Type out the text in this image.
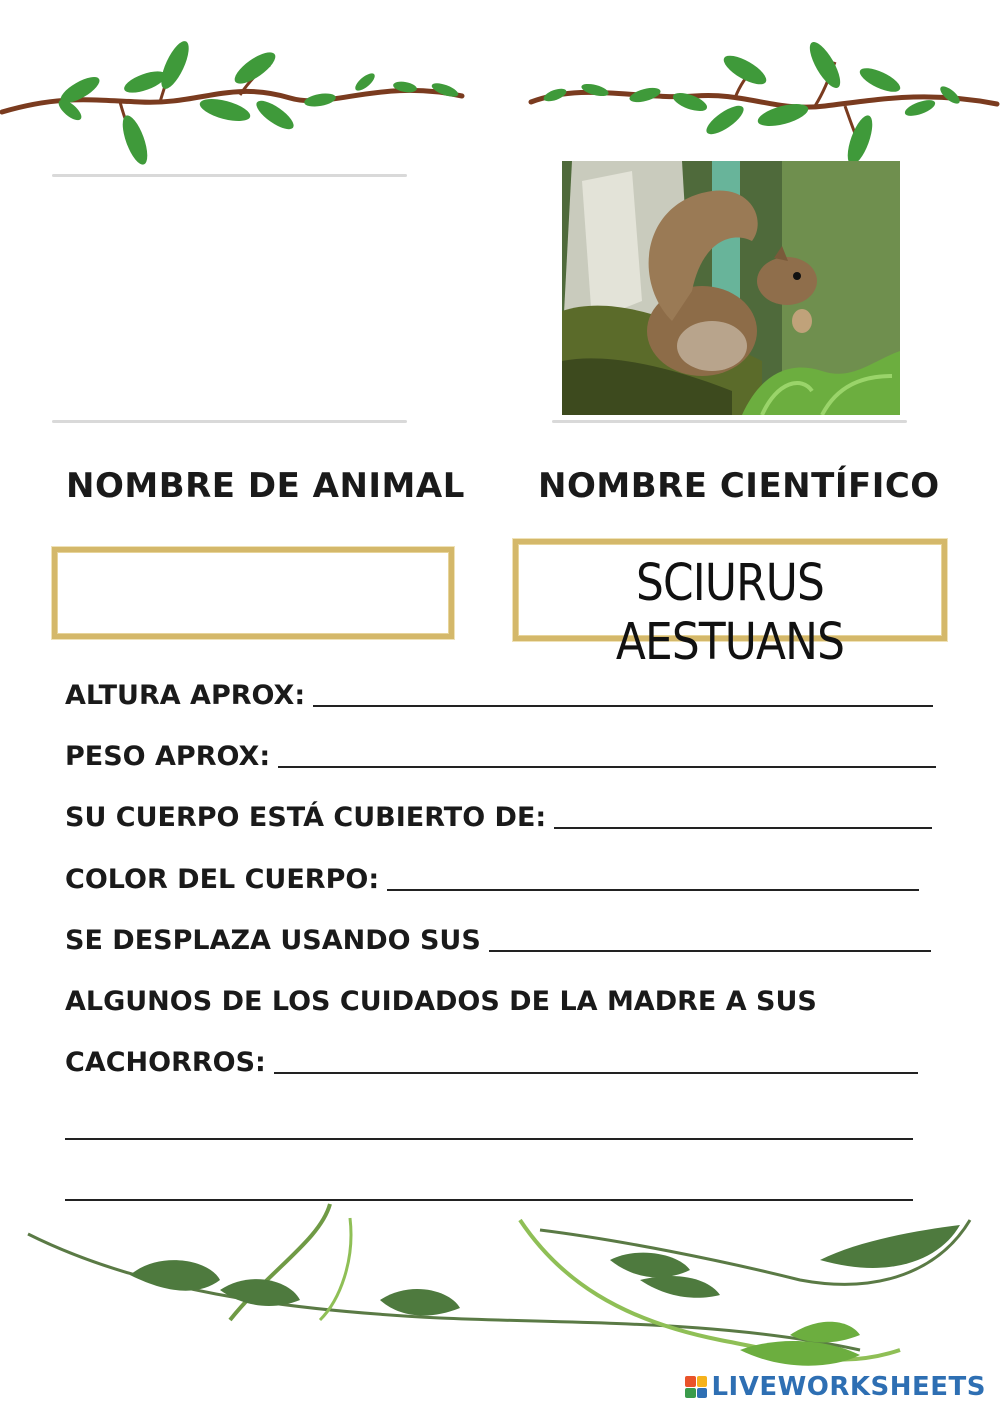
NOMBRE DE ANIMAL NOMBRE CIENTÍFICO
SCIURUS AESTUANS
ALTURA APROX:
PESO APROX:
SU CUERPO ESTÁ CUBIERTO DE:
COLOR DEL CUERPO:
SE DESPLAZA USANDO SUS
ALGUNOS DE LOS CUIDADOS DE LA MADRE A SUS
CACHORROS:
LIVEWORKSHEETS
